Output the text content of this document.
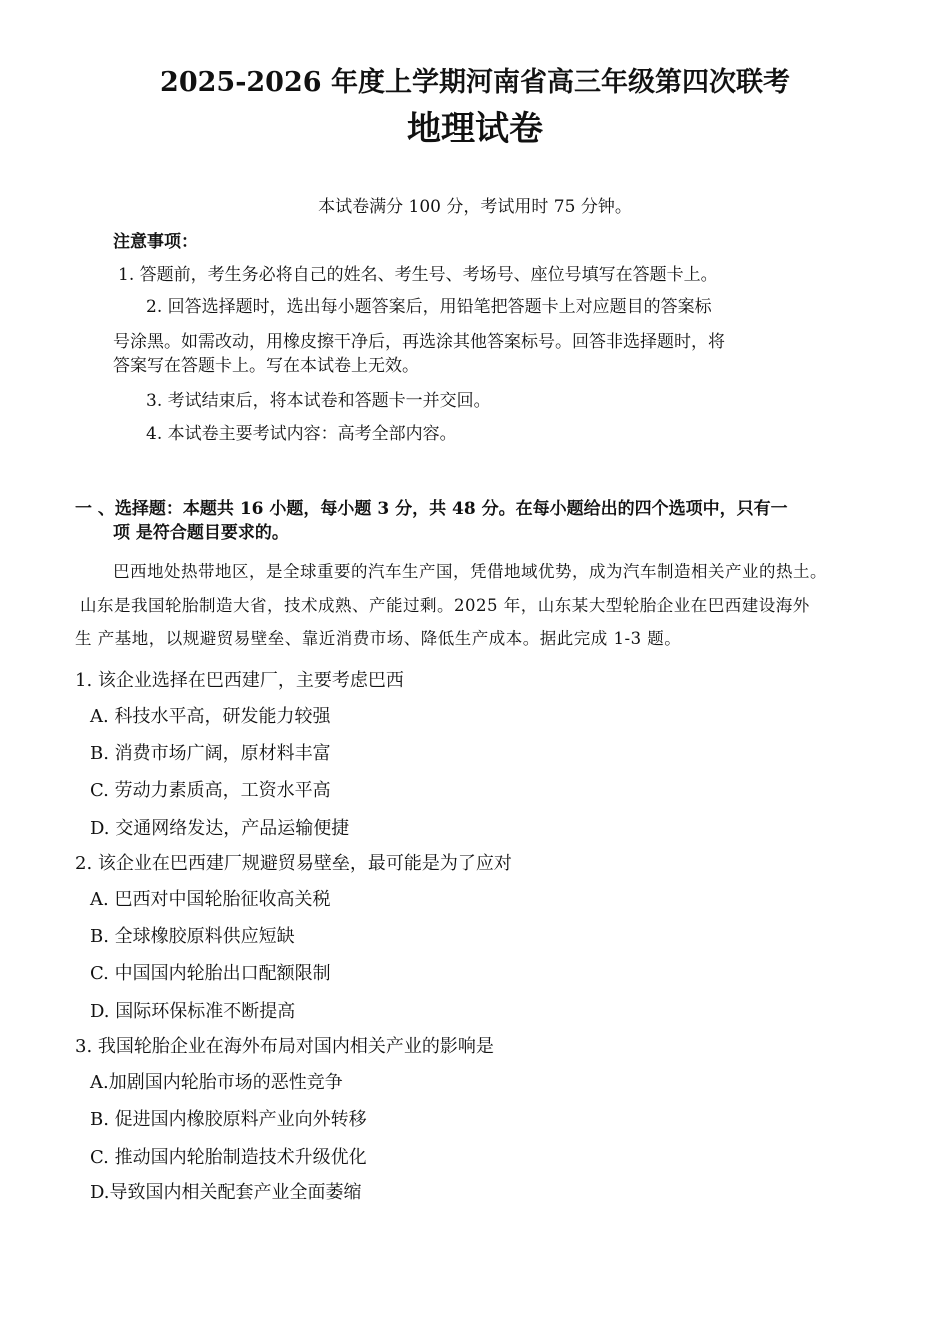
2025-2026 年度上学期河南省高三年级第四次联考
地理试卷
本试卷满分 100 分，考试用时 75 分钟。
注意事项：
1. 答题前，考生务必将自己的姓名、考生号、考场号、座位号填写在答题卡上。
2. 回答选择题时，选出每小题答案后，用铅笔把答题卡上对应题目的答案标
号涂黑。如需改动，用橡皮擦干净后，再选涂其他答案标号。回答非选择题时，将
答案写在答题卡上。写在本试卷上无效。
3. 考试结束后，将本试卷和答题卡一并交回。
4. 本试卷主要考试内容：高考全部内容。
一 、选择题：本题共 16 小题，每小题 3 分，共 48 分。在每小题给出的四个选项中，只有一
项 是符合题目要求的。
巴西地处热带地区，是全球重要的汽车生产国，凭借地域优势，成为汽车制造相关产业的热土。
山东是我国轮胎制造大省，技术成熟、产能过剩。2025 年，山东某大型轮胎企业在巴西建设海外
生 产基地，以规避贸易壁垒、靠近消费市场、降低生产成本。据此完成 1-3 题。
1. 该企业选择在巴西建厂，主要考虑巴西
A. 科技水平高，研发能力较强
B. 消费市场广阔，原材料丰富
C. 劳动力素质高，工资水平高
D. 交通网络发达，产品运输便捷
2. 该企业在巴西建厂规避贸易壁垒，最可能是为了应对
A. 巴西对中国轮胎征收高关税
B. 全球橡胶原料供应短缺
C. 中国国内轮胎出口配额限制
D. 国际环保标准不断提高
3. 我国轮胎企业在海外布局对国内相关产业的影响是
A.加剧国内轮胎市场的恶性竞争
B. 促进国内橡胶原料产业向外转移
C. 推动国内轮胎制造技术升级优化
D.导致国内相关配套产业全面萎缩
